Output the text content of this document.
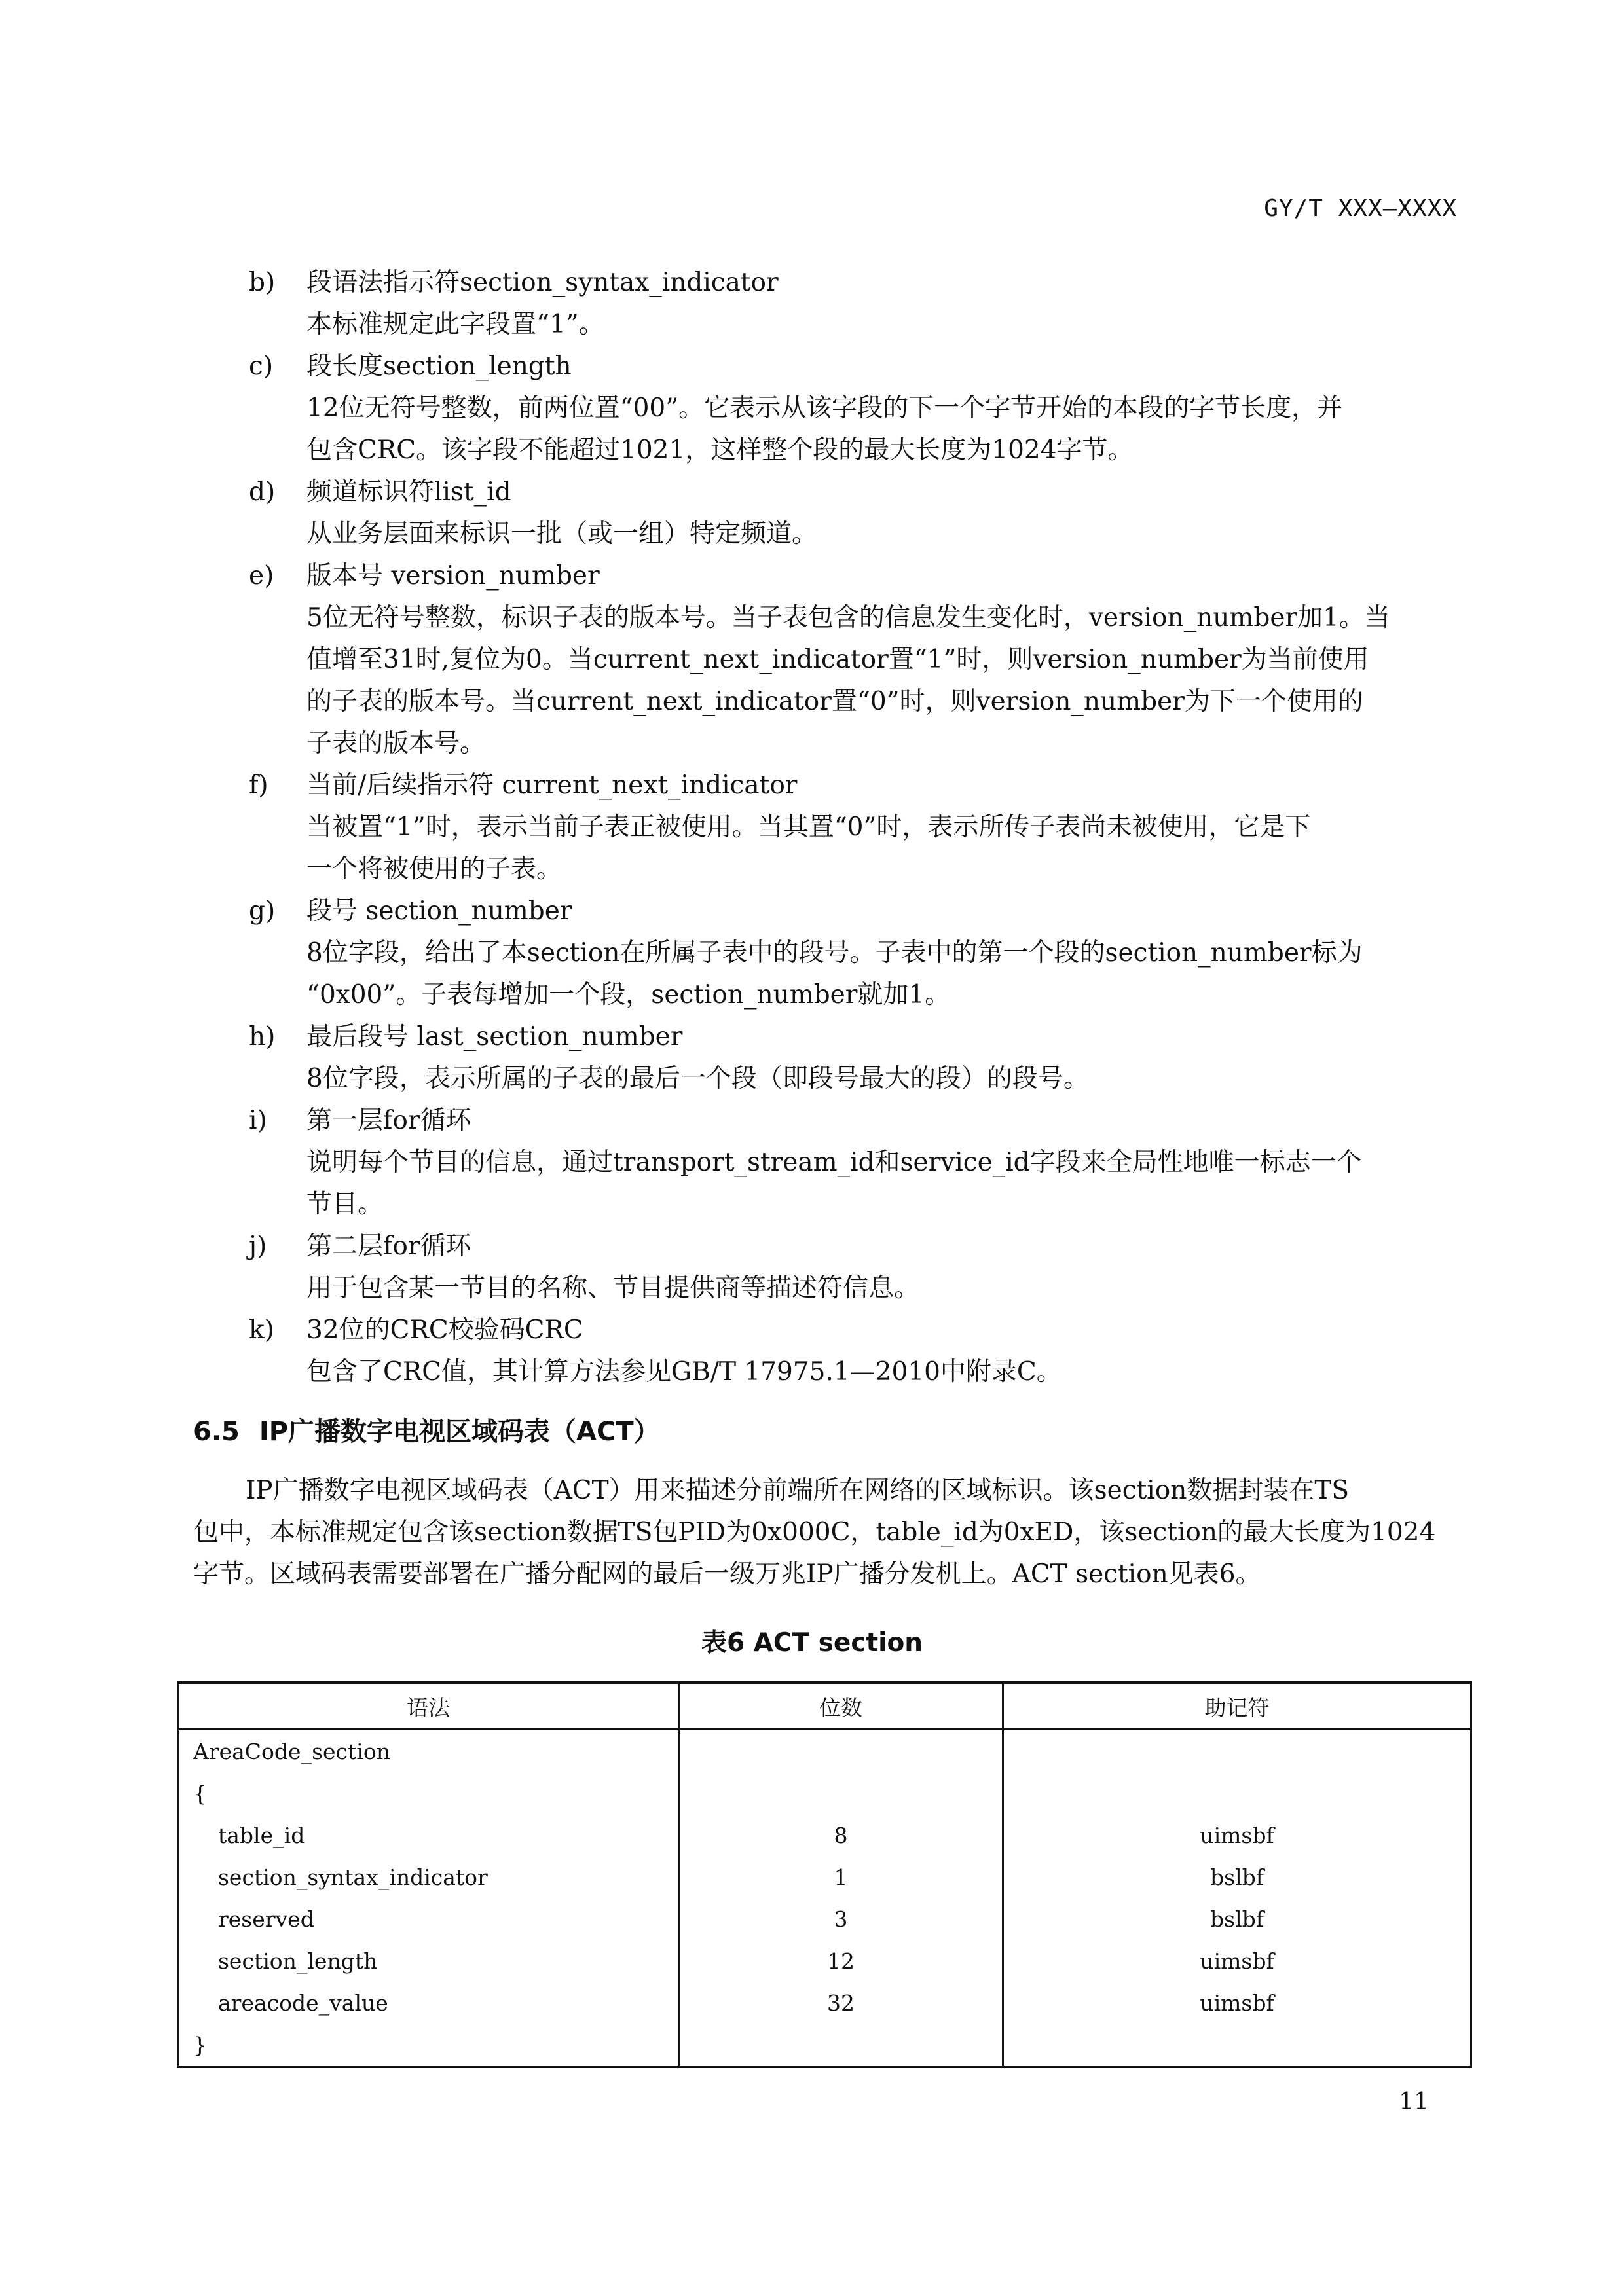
GY/T XXX—XXXX
b)	段语法指示符section_syntax_indicator
本标准规定此字段置“1”。
c)	段长度section_length
12位无符号整数，前两位置“00”。它表示从该字段的下一个字节开始的本段的字节长度，并
包含CRC。该字段不能超过1021，这样整个段的最大长度为1024字节。
d)	频道标识符list_id
从业务层面来标识一批（或一组）特定频道。
e)	版本号 version_number
5位无符号整数，标识子表的版本号。当子表包含的信息发生变化时，version_number加1。当
值增至31时,复位为0。当current_next_indicator置“1”时，则version_number为当前使用
的子表的版本号。当current_next_indicator置“0”时，则version_number为下一个使用的
子表的版本号。
f)	当前/后续指示符 current_next_indicator
当被置“1”时，表示当前子表正被使用。当其置“0”时，表示所传子表尚未被使用，它是下
一个将被使用的子表。
g)	段号 section_number
8位字段，给出了本section在所属子表中的段号。子表中的第一个段的section_number标为
“0x00”。子表每增加一个段，section_number就加1。
h)	最后段号 last_section_number
8位字段，表示所属的子表的最后一个段（即段号最大的段）的段号。
i)	第一层for循环
说明每个节目的信息，通过transport_stream_id和service_id字段来全局性地唯一标志一个
节目。
j)	第二层for循环
用于包含某一节目的名称、节目提供商等描述符信息。
k)	32位的CRC校验码CRC
包含了CRC值，其计算方法参见GB/T 17975.1—2010中附录C。
6.5 IP广播数字电视区域码表（ACT）
IP广播数字电视区域码表（ACT）用来描述分前端所在网络的区域标识。该section数据封装在TS
包中，本标准规定包含该section数据TS包PID为0x000C，table_id为0xED，该section的最大长度为1024
字节。区域码表需要部署在广播分配网的最后一级万兆IP广播分发机上。ACT section见表6。
表6 ACT section
语法	位数	助记符
AreaCode_section		
{		
table_id	8	uimsbf
section_syntax_indicator	1	bslbf
reserved	3	bslbf
section_length	12	uimsbf
areacode_value	32	uimsbf
}		
11
